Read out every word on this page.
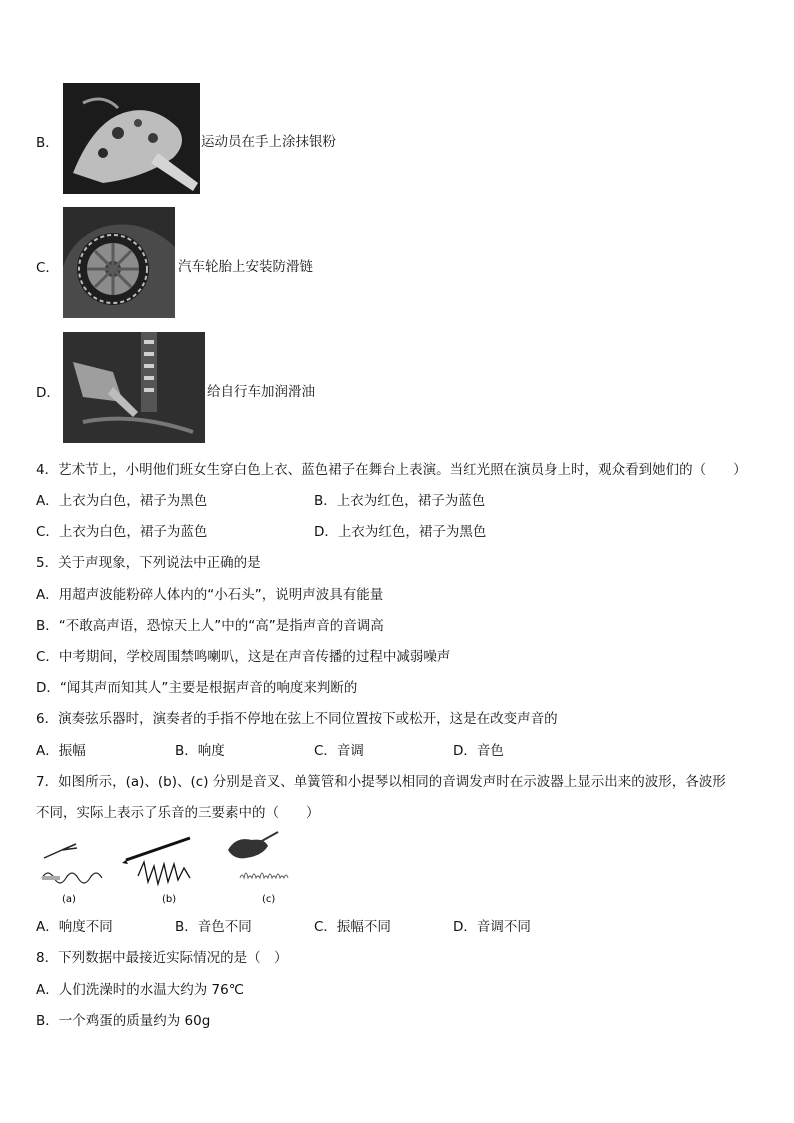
B．	运动员在手上涂抹银粉
C．	汽车轮胎上安装防滑链
D．	给自行车加润滑油
4．艺术节上，小明他们班女生穿白色上衣、蓝色裙子在舞台上表演。当红光照在演员身上时，观众看到她们的（　　）
A．上衣为白色，裙子为黑色	B．上衣为红色，裙子为蓝色
C．上衣为白色，裙子为蓝色	D．上衣为红色，裙子为黑色
5．关于声现象，下列说法中正确的是
A．用超声波能粉碎人体内的“小石头”，说明声波具有能量
B．“不敢高声语，恐惊天上人”中的“高”是指声音的音调高
C．中考期间，学校周围禁鸣喇叭，这是在声音传播的过程中减弱噪声
D．“闻其声而知其人”主要是根据声音的响度来判断的
6．演奏弦乐器时，演奏者的手指不停地在弦上不同位置按下或松开，这是在改变声音的
A．振幅	B．响度	C．音调	D．音色
7．如图所示，(a)、(b)、(c) 分别是音叉、单簧管和小提琴以相同的音调发声时在示波器上显示出来的波形，各波形
不同，实际上表示了乐音的三要素中的（　　）
(a)	(b)	(c)
A．响度不同	B．音色不同	C．振幅不同	D．音调不同
8．下列数据中最接近实际情况的是（　）
A．人们洗澡时的水温大约为 76℃
B．一个鸡蛋的质量约为 60g
